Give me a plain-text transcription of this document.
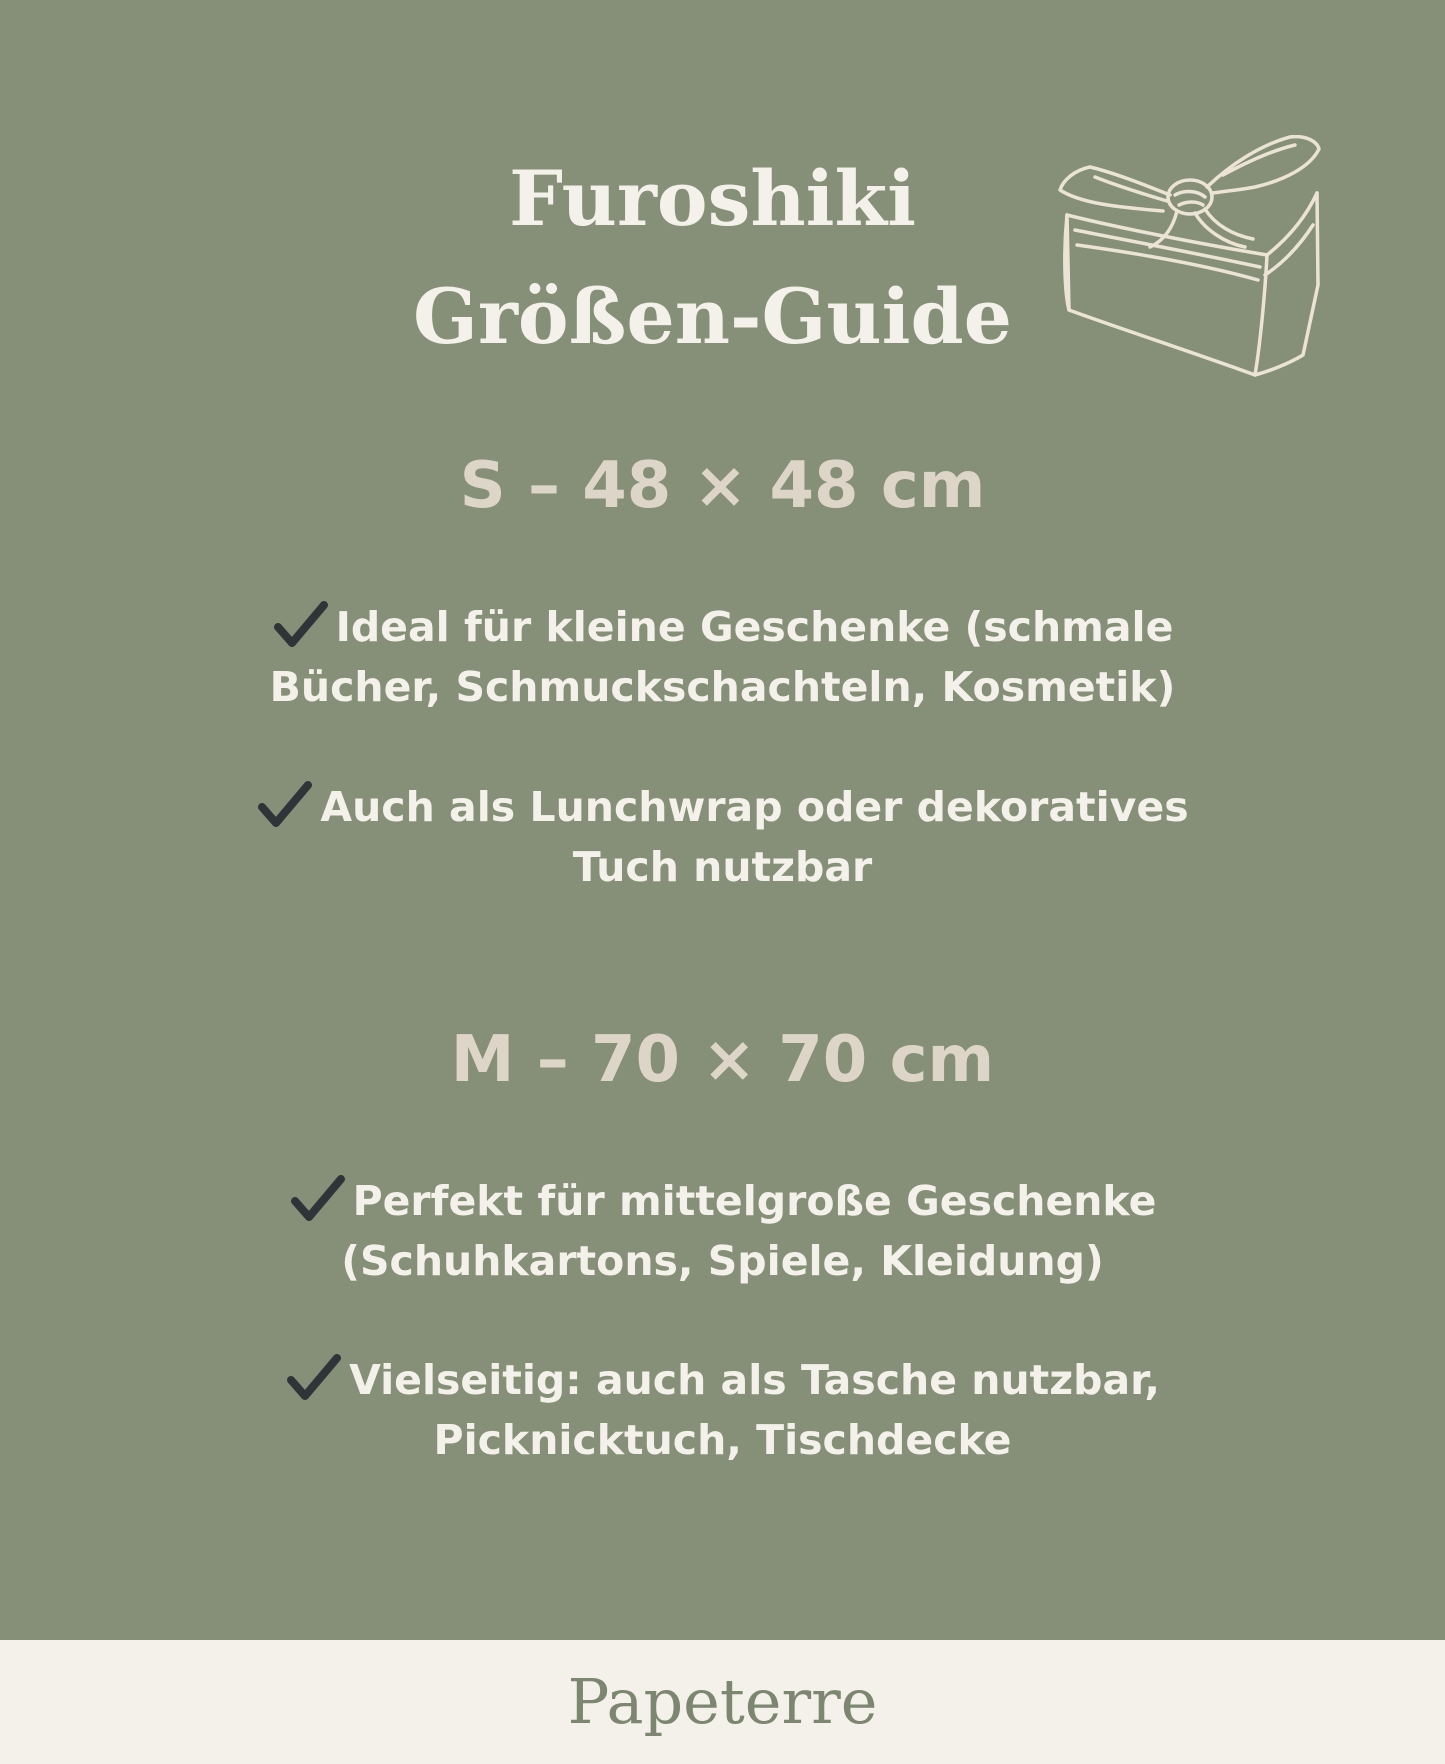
Furoshiki
Größen-Guide
S – 48 × 48 cm
Ideal für kleine Geschenke (schmale
Bücher, Schmuckschachteln, Kosmetik)
Auch als Lunchwrap oder dekoratives
Tuch nutzbar
M – 70 × 70 cm
Perfekt für mittelgroße Geschenke
(Schuhkartons, Spiele, Kleidung)
Vielseitig: auch als Tasche nutzbar,
Picknicktuch, Tischdecke
Papeterre
